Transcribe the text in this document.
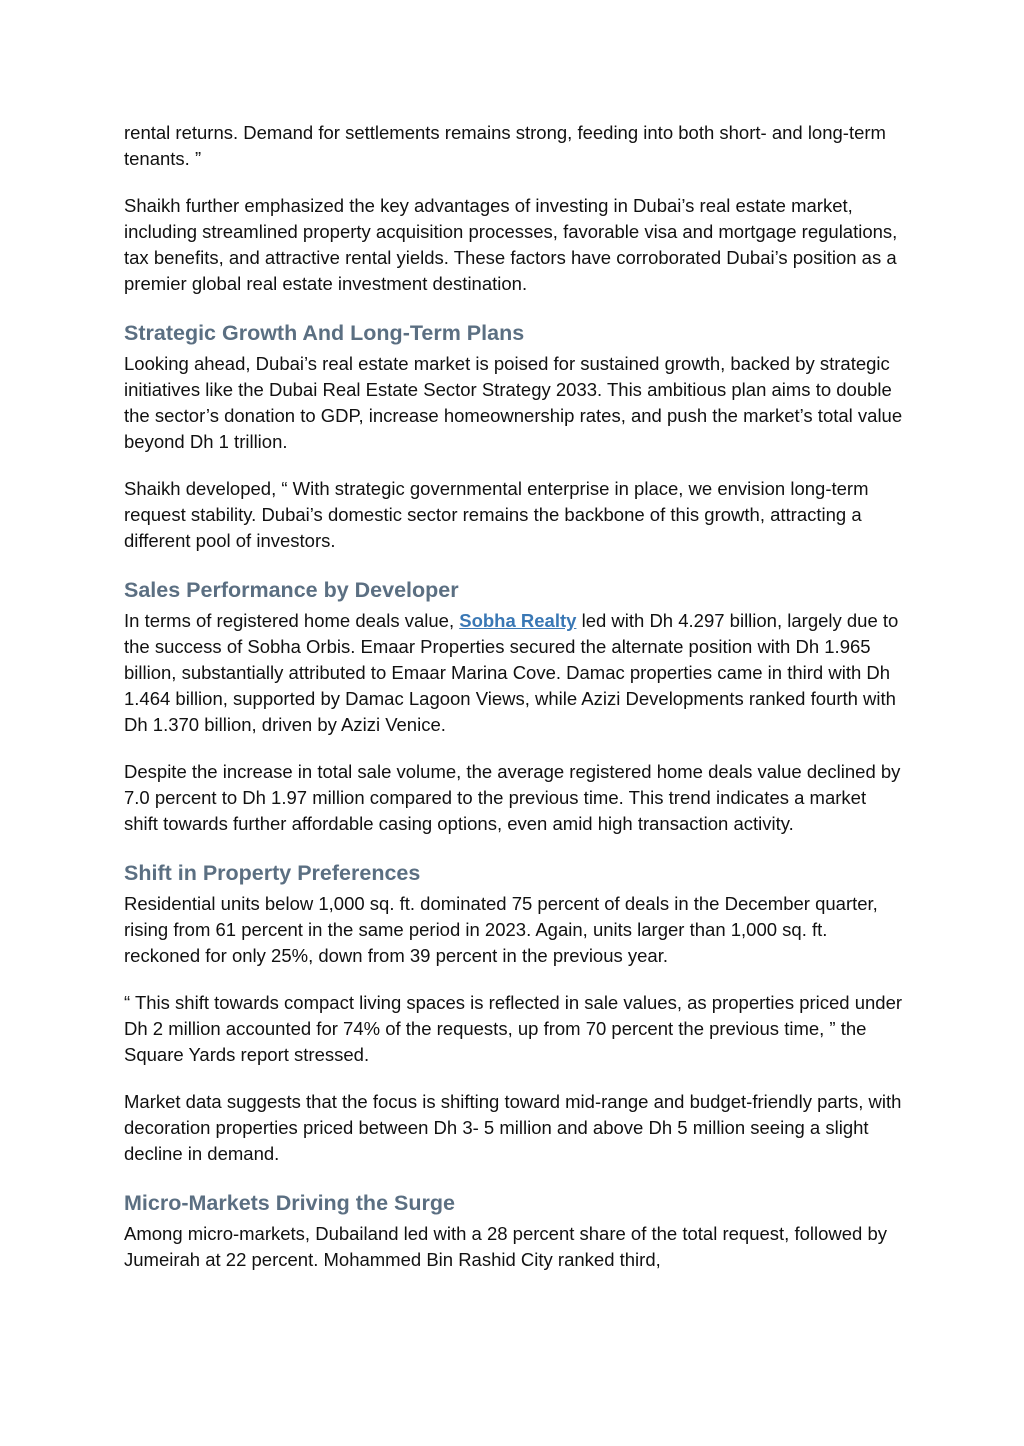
rental returns. Demand for settlements remains strong, feeding into both short- and long-term tenants. ”

Shaikh further emphasized the key advantages of investing in Dubai’s real estate market, including streamlined property acquisition processes, favorable visa and mortgage regulations, tax benefits, and attractive rental yields. These factors have corroborated Dubai’s position as a premier global real estate investment destination.

Strategic Growth And Long-Term Plans

Looking ahead, Dubai’s real estate market is poised for sustained growth, backed by strategic initiatives like the Dubai Real Estate Sector Strategy 2033. This ambitious plan aims to double the sector’s donation to GDP, increase homeownership rates, and push the market’s total value beyond Dh 1 trillion.

Shaikh developed, “ With strategic governmental enterprise in place, we envision long-term request stability. Dubai’s domestic sector remains the backbone of this growth, attracting a different pool of investors.

Sales Performance by Developer

In terms of registered home deals value, Sobha Realty led with Dh 4.297 billion, largely due to the success of Sobha Orbis. Emaar Properties secured the alternate position with Dh 1.965 billion, substantially attributed to Emaar Marina Cove. Damac properties came in third with Dh 1.464 billion, supported by Damac Lagoon Views, while Azizi Developments ranked fourth with Dh 1.370 billion, driven by Azizi Venice.

Despite the increase in total sale volume, the average registered home deals value declined by 7.0 percent to Dh 1.97 million compared to the previous time. This trend indicates a market shift towards further affordable casing options, even amid high transaction activity.

Shift in Property Preferences

Residential units below 1,000 sq. ft. dominated 75 percent of deals in the December quarter, rising from 61 percent in the same period in 2023. Again, units larger than 1,000 sq. ft. reckoned for only 25%, down from 39 percent in the previous year.

“ This shift towards compact living spaces is reflected in sale values, as properties priced under Dh 2 million accounted for 74% of the requests, up from 70 percent the previous time, ” the Square Yards report stressed.

Market data suggests that the focus is shifting toward mid-range and budget-friendly parts, with decoration properties priced between Dh 3- 5 million and above Dh 5 million seeing a slight decline in demand.

Micro-Markets Driving the Surge

Among micro-markets, Dubailand led with a 28 percent share of the total request, followed by Jumeirah at 22 percent. Mohammed Bin Rashid City ranked third,
